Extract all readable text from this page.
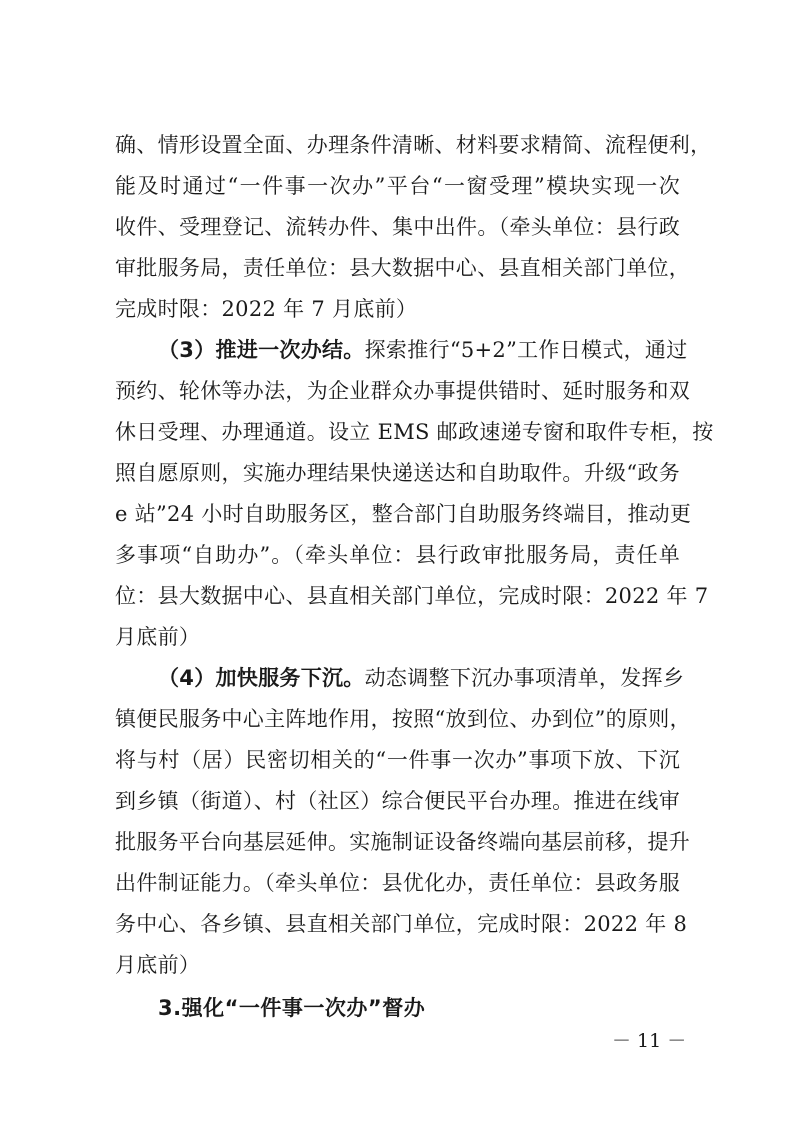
确、情形设置全面、办理条件清晰、材料要求精简、流程便利，
能及时通过“一件事一次办”平台“一窗受理”模块实现一次
收件、受理登记、流转办件、集中出件。（牵头单位：县行政
审批服务局，责任单位：县大数据中心、县直相关部门单位，
完成时限：2022 年 7 月底前）
（3）推进一次办结。探索推行“5+2”工作日模式，通过
预约、轮休等办法，为企业群众办事提供错时、延时服务和双
休日受理、办理通道。设立 EMS 邮政速递专窗和取件专柜，按
照自愿原则，实施办理结果快递送达和自助取件。升级“政务
e 站”24 小时自助服务区，整合部门自助服务终端目，推动更
多事项“自助办”。（牵头单位：县行政审批服务局，责任单
位：县大数据中心、县直相关部门单位，完成时限：2022 年 7
月底前）
（4）加快服务下沉。动态调整下沉办事项清单，发挥乡
镇便民服务中心主阵地作用，按照“放到位、办到位”的原则，
将与村（居）民密切相关的“一件事一次办”事项下放、下沉
到乡镇（街道）、村（社区）综合便民平台办理。推进在线审
批服务平台向基层延伸。实施制证设备终端向基层前移，提升
出件制证能力。（牵头单位：县优化办，责任单位：县政务服
务中心、各乡镇、县直相关部门单位，完成时限：2022 年 8
月底前）
3.强化“一件事一次办”督办
－ 11 －
